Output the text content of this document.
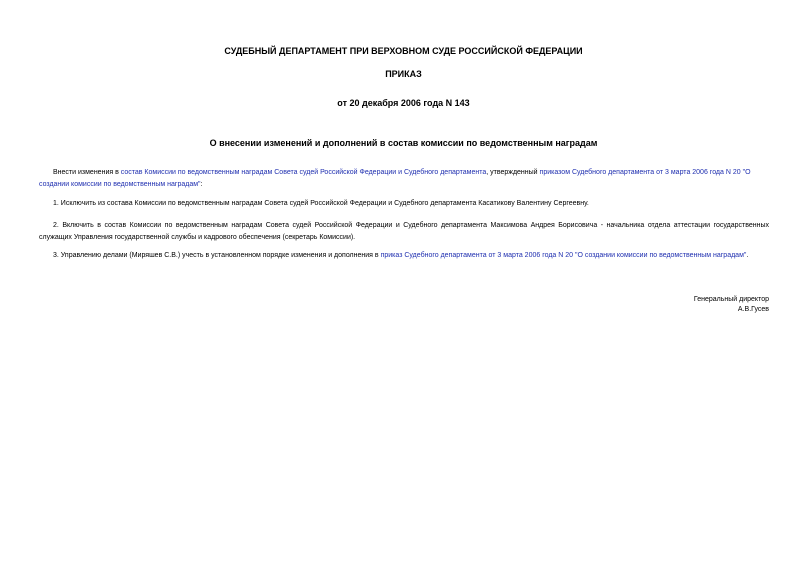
СУДЕБНЫЙ ДЕПАРТАМЕНТ ПРИ ВЕРХОВНОМ СУДЕ РОССИЙСКОЙ ФЕДЕРАЦИИ
ПРИКАЗ
от 20 декабря 2006 года N 143
О внесении изменений и дополнений в состав комиссии по ведомственным наградам

Внести изменения в состав Комиссии по ведомственным наградам Совета судей Российской Федерации и Судебного департамента, утвержденный приказом Судебного департамента от 3 марта 2006 года N 20 "О создании комиссии по ведомственным наградам":

1. Исключить из состава Комиссии по ведомственным наградам Совета судей Российской Федерации и Судебного департамента Касатикову Валентину Сергеевну.

2. Включить в состав Комиссии по ведомственным наградам Совета судей Российской Федерации и Судебного департамента Максимова Андрея Борисовича - начальника отдела аттестации государственных служащих Управления государственной службы и кадрового обеспечения (секретарь Комиссии).

3. Управлению делами (Миряшев С.В.) учесть в установленном порядке изменения и дополнения в приказ Судебного департамента от 3 марта 2006 года N 20 "О создании комиссии по ведомственным наградам".

Генеральный директор
А.В.Гусев
